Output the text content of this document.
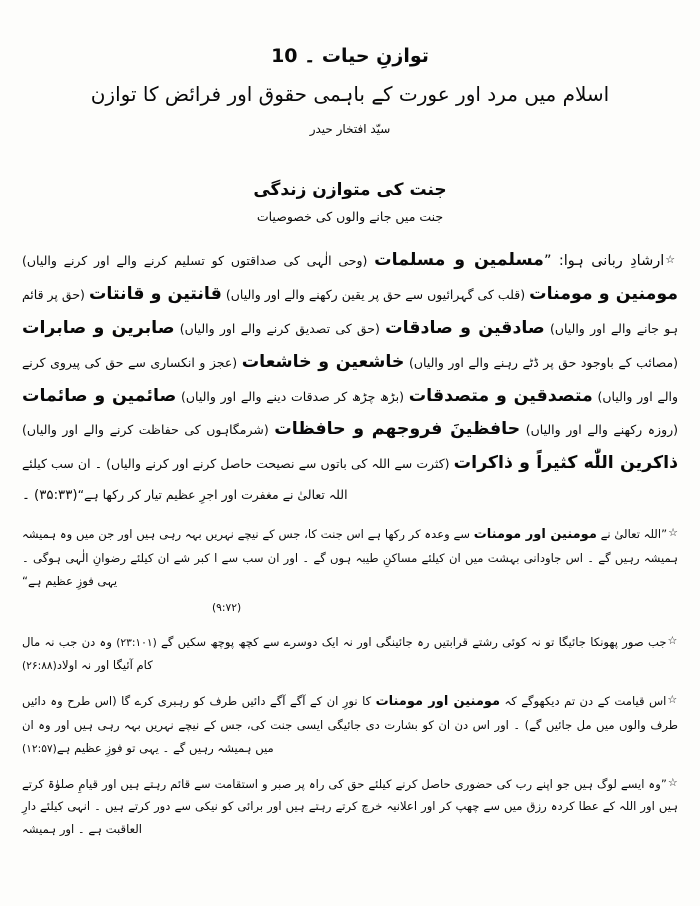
توازنِ حیات ۔ 10
اسلام میں مرد اور عورت کے باہمی حقوق اور فرائض کا توازن
سیّد افتخار حیدر
جنت کی متوازن زندگی
جنت میں جانے والوں کی خصوصیات

☆ارشادِ ربانی ہوا: ”مسلمین و مسلمات (وحی الٰہی کی صداقتوں کو تسلیم کرنے والے اور کرنے والیاں) مومنین و مومنات (قلب کی گہرائیوں سے حق پر یقین رکھنے والے اور والیاں) قانتین و قانتات (حق پر قائم ہو جانے والے اور والیاں) صادقین و صادقات (حق کی تصدیق کرنے والے اور والیاں) صابرین و صابرات (مصائب کے باوجود حق پر ڈٹے رہنے والے اور والیاں) خاشعین و خاشعات (عجز و انکساری سے حق کی پیروی کرنے والے اور والیاں) متصدقین و متصدقات (بڑھ چڑھ کر صدقات دینے والے اور والیاں) صائمین و صائمات (روزہ رکھنے والے اور والیاں) حافظینَ فروجھم و حافظات (شرمگاہوں کی حفاظت کرنے والے اور والیاں) ذاکرین اللّٰه کثیراً و ذاکرات (کثرت سے اللہ کی باتوں سے نصیحت حاصل کرنے اور کرنے والیاں) ۔ ان سب کیلئے اللہ تعالیٰ نے مغفرت اور اجرِ عظیم تیار کر رکھا ہے“(۳۵:۳۳) ۔

☆”اللہ تعالیٰ نے مومنین اور مومنات سے وعدہ کر رکھا ہے اس جنت کا، جس کے نیچے نہریں بہہ رہی ہیں اور جن میں وہ ہمیشہ ہمیشہ رہیں گے ۔ اس جاودانی بہشت میں ان کیلئے مساکنِ طیبہ ہوں گے ۔ اور ان سب سے ا کبر شے ان کیلئے رضوانِ الٰہی ہوگی ۔ یہی فوزِ عظیم ہے“

(۹:۷۲)

☆جب صور پھونکا جائیگا تو نہ کوئی رشتے قرابتیں رہ جائینگی اور نہ ایک دوسرے سے کچھ پوچھ سکیں گے (۲۳:۱۰۱) وہ دن جب نہ مال کام آئیگا اور نہ اولاد(۲۶:۸۸)

☆اس قیامت کے دن تم دیکھوگے کہ مومنین اور مومنات کا نورِ ان کے آگے آگے دائیں طرف کو رہبری کرے گا (اس طرح وہ دائیں طرف والوں میں مل جائیں گے) ۔ اور اس دن ان کو بشارت دی جائیگی ایسی جنت کی، جس کے نیچے نہریں بہہ رہی ہیں اور وہ ان میں ہمیشہ رہیں گے ۔ یہی تو فوزِ عظیم ہے(۱۲:۵۷)

☆”وہ ایسے لوگ ہیں جو اپنے رب کی حضوری حاصل کرنے کیلئے حق کی راہ پر صبر و استقامت سے قائم رہتے ہیں اور قیامِ صلوٰۃ کرتے ہیں اور اللہ کے عطا کردہ رزق میں سے چھپ کر اور اعلانیہ خرچ کرتے رہتے ہیں اور برائی کو نیکی سے دور کرتے ہیں ۔ انہی کیلئے دارِ العاقبت ہے ۔ اور ہمیشہ
